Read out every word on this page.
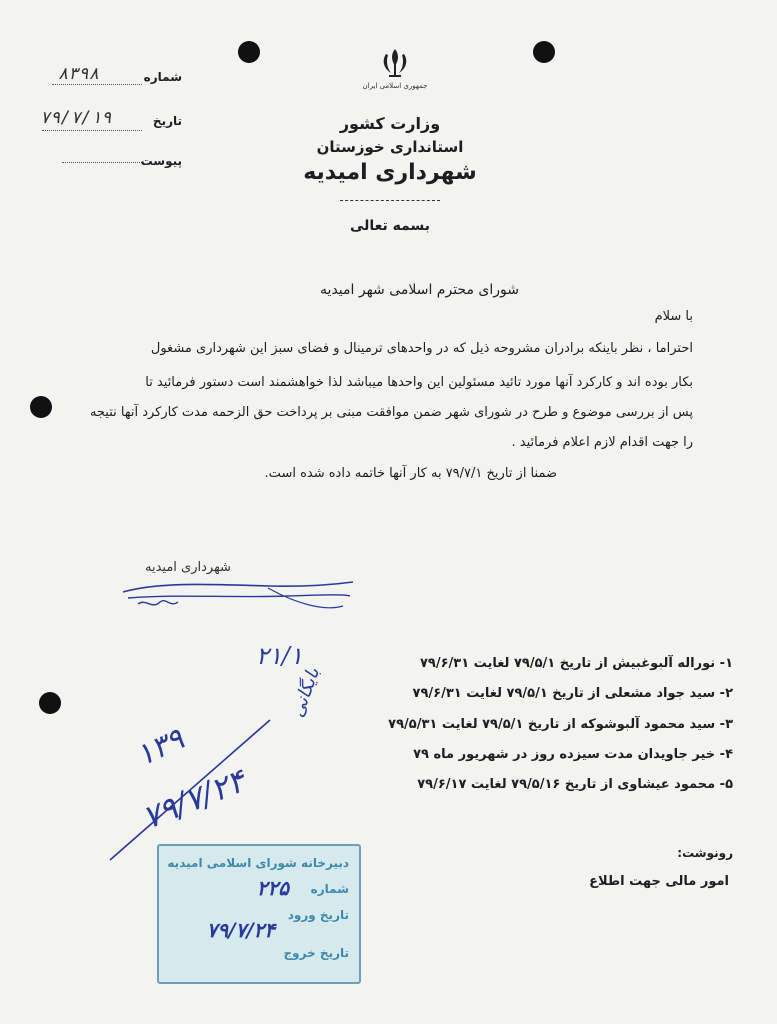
جمهوری اسلامی ایران
وزارت کشور
استانداری خوزستان
شهرداری امیدیه
بسمه تعالی
شماره
۸۳۹۸
تاریخ
۷۹/۷/۱۹
پیوست
شورای محترم اسلامی شهر امیدیه
با سلام
احتراما ، نظر باینکه برادران مشروحه ذیل که در واحدهای ترمینال و فضای سبز این شهرداری مشغول
بکار بوده اند و کارکرد آنها مورد تائید مسئولین این واحدها میباشد لذا خواهشمند است دستور فرمائید تا
پس از بررسی موضوع و طرح در شورای شهر ضمن موافقت مبنی بر پرداخت حق الزحمه مدت کارکرد آنها نتیجه
را جهت اقدام لازم اعلام فرمائید .
ضمنا از تاریخ ۷۹/۷/۱ به کار آنها خاتمه داده شده است.
شهرداری امیدیه
۲۱/۱
بایگانی
۱۳۹
۷۹/۷/۲۴
۱- نوراله آلبوغبیش از تاریخ ۷۹/۵/۱ لغایت ۷۹/۶/۳۱
۲- سید جواد مشعلی از تاریخ ۷۹/۵/۱ لغایت ۷۹/۶/۳۱
۳- سید محمود آلبوشوکه از تاریخ ۷۹/۵/۱ لغایت ۷۹/۵/۳۱
۴- خیر جاویدان مدت سیزده روز در شهریور ماه ۷۹
۵- محمود عیشاوی از تاریخ ۷۹/۵/۱۶ لغایت ۷۹/۶/۱۷
رونوشت:
امور مالی جهت اطلاع
دبیرخانه شورای اسلامی امیدیه
شماره
۲۲۵
تاریخ ورود
۷۹/۷/۲۴
تاریخ خروج
